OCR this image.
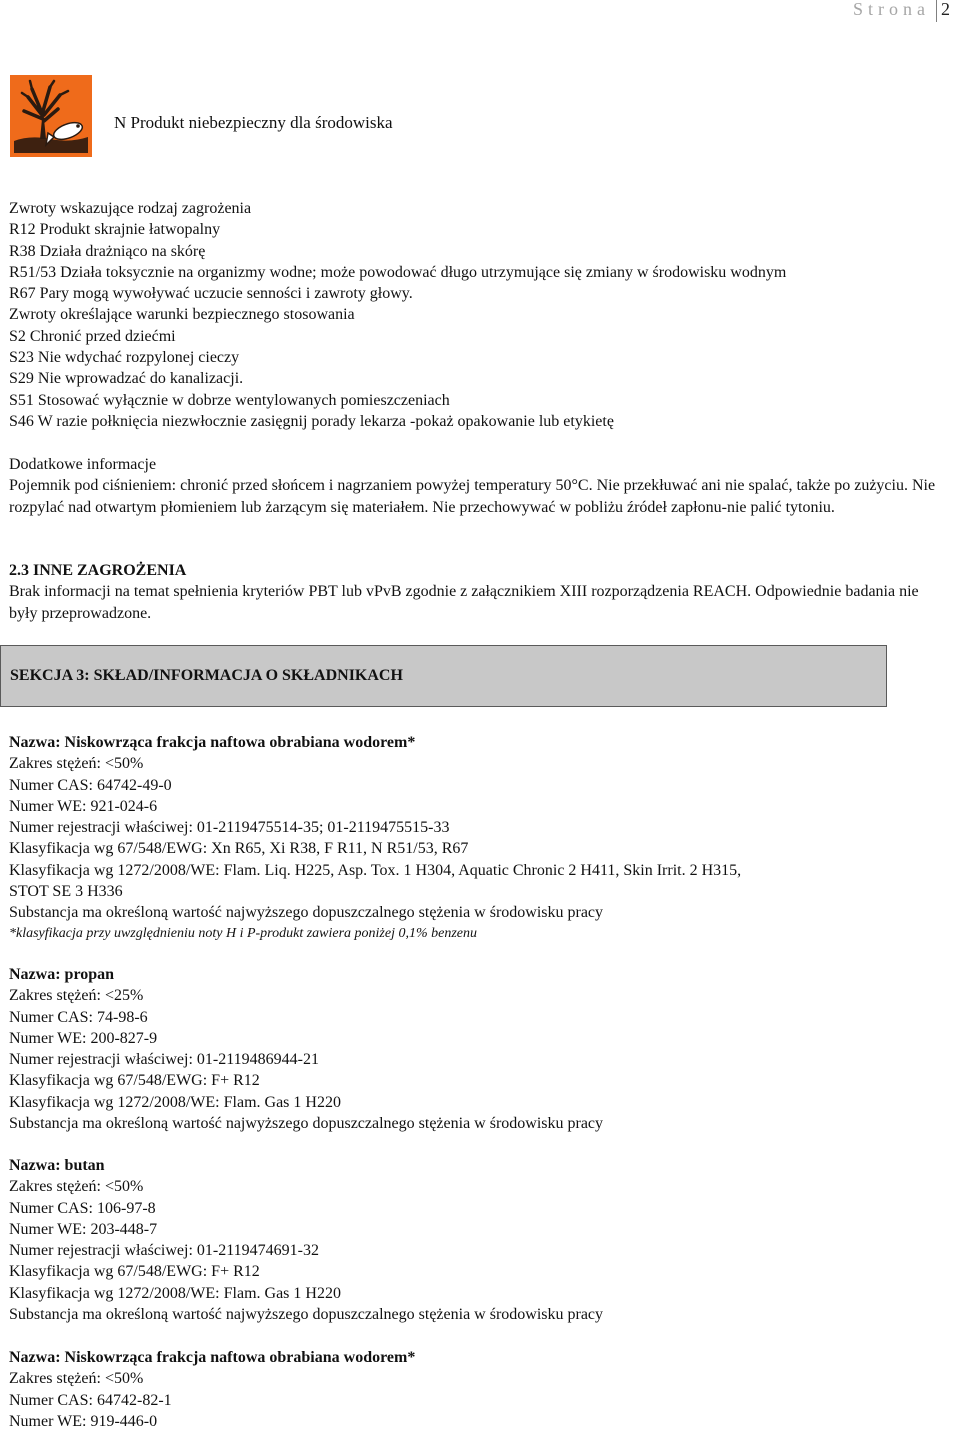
Strona 2
N Produkt niebezpieczny dla środowiska
Zwroty wskazujące rodzaj zagrożenia
R12 Produkt skrajnie łatwopalny
R38 Działa drażniąco na skórę
R51/53 Działa toksycznie na organizmy wodne; może powodować długo utrzymujące się zmiany w środowisku wodnym
R67 Pary mogą wywoływać uczucie senności i zawroty głowy.
Zwroty określające warunki bezpiecznego stosowania
S2 Chronić przed dziećmi
S23 Nie wdychać rozpylonej cieczy
S29 Nie wprowadzać do kanalizacji.
S51 Stosować wyłącznie w dobrze wentylowanych pomieszczeniach
S46 W razie połknięcia niezwłocznie zasięgnij porady lekarza -pokaż opakowanie lub etykietę
Dodatkowe informacje
Pojemnik pod ciśnieniem: chronić przed słońcem i nagrzaniem powyżej temperatury 50°C. Nie przekłuwać ani nie spalać, także po zużyciu. Nie rozpylać nad otwartym płomieniem lub żarzącym się materiałem. Nie przechowywać w pobliżu źródeł zapłonu-nie palić tytoniu.
2.3 INNE ZAGROŻENIA
Brak informacji na temat spełnienia kryteriów PBT lub vPvB zgodnie z załącznikiem XIII rozporządzenia REACH. Odpowiednie badania nie były przeprowadzone.
SEKCJA 3: SKŁAD/INFORMACJA O SKŁADNIKACH
Nazwa: Niskowrząca frakcja naftowa obrabiana wodorem*
Zakres stężeń: <50%
Numer CAS: 64742-49-0
Numer WE: 921-024-6
Numer rejestracji właściwej: 01-2119475514-35; 01-2119475515-33
Klasyfikacja wg 67/548/EWG: Xn R65, Xi R38, F R11, N R51/53, R67
Klasyfikacja wg 1272/2008/WE: Flam. Liq. H225, Asp. Tox. 1 H304, Aquatic Chronic 2 H411, Skin Irrit. 2 H315,
STOT SE 3 H336
Substancja ma określoną wartość najwyższego dopuszczalnego stężenia w środowisku pracy
*klasyfikacja przy uwzględnieniu noty H i P-produkt zawiera poniżej 0,1% benzenu
Nazwa: propan
Zakres stężeń: <25%
Numer CAS: 74-98-6
Numer WE: 200-827-9
Numer rejestracji właściwej: 01-2119486944-21
Klasyfikacja wg 67/548/EWG: F+ R12
Klasyfikacja wg 1272/2008/WE: Flam. Gas 1 H220
Substancja ma określoną wartość najwyższego dopuszczalnego stężenia w środowisku pracy
Nazwa: butan
Zakres stężeń: <50%
Numer CAS: 106-97-8
Numer WE: 203-448-7
Numer rejestracji właściwej: 01-2119474691-32
Klasyfikacja wg 67/548/EWG: F+ R12
Klasyfikacja wg 1272/2008/WE: Flam. Gas 1 H220
Substancja ma określoną wartość najwyższego dopuszczalnego stężenia w środowisku pracy
Nazwa: Niskowrząca frakcja naftowa obrabiana wodorem*
Zakres stężeń: <50%
Numer CAS: 64742-82-1
Numer WE: 919-446-0
